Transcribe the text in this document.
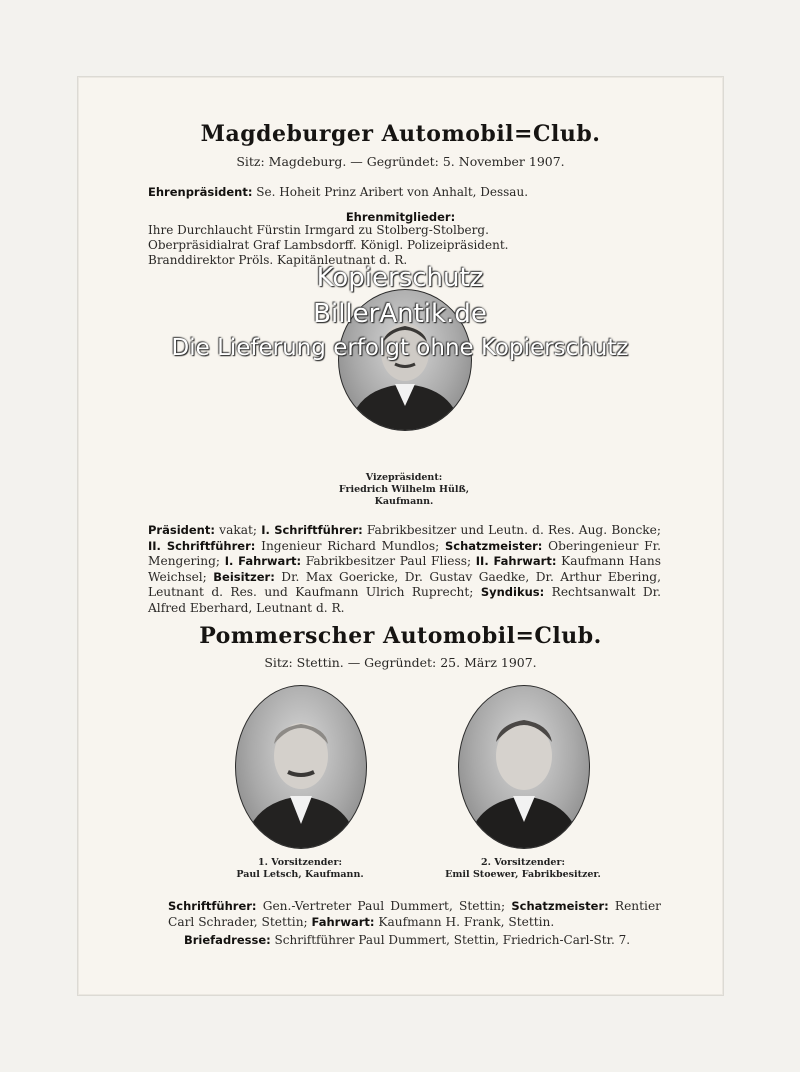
Magdeburger Automobil=Club.
Sitz: Magdeburg. — Gegründet: 5. November 1907.
Ehrenpräsident: Se. Hoheit Prinz Aribert von Anhalt, Dessau.
Ehrenmitglieder:
Ihre Durchlaucht Fürstin Irmgard zu Stolberg-Stolberg.
Oberpräsidialrat Graf Lambsdorff. Königl. Polizeipräsident.
Branddirektor Pröls. Kapitänleutnant d. R.
Vizepräsident:
Friedrich Wilhelm Hülß,
Kaufmann.
Präsident: vakat; I. Schriftführer: Fabrikbesitzer und Leutn. d. Res. Aug. Boncke; II. Schriftführer: Ingenieur Richard Mundlos; Schatzmeister: Oberingenieur Fr. Mengering; I. Fahrwart: Fabrikbesitzer Paul Fliess; II. Fahrwart: Kaufmann Hans Weichsel; Beisitzer: Dr. Max Goericke, Dr. Gustav Gaedke, Dr. Arthur Ebering, Leutnant d. Res. und Kaufmann Ulrich Ruprecht; Syndikus: Rechtsanwalt Dr. Alfred Eberhard, Leutnant d. R.
Pommerscher Automobil=Club.
Sitz: Stettin. — Gegründet: 25. März 1907.
1. Vorsitzender:
Paul Letsch, Kaufmann.
2. Vorsitzender:
Emil Stoewer, Fabrikbesitzer.
Schriftführer: Gen.-Vertreter Paul Dummert, Stettin; Schatzmeister: Rentier Carl Schrader, Stettin; Fahrwart: Kaufmann H. Frank, Stettin.
Briefadresse: Schriftführer Paul Dummert, Stettin, Friedrich-Carl-Str. 7.
Kopierschutz
BillerAntik.de
Die Lieferung erfolgt ohne Kopierschutz
